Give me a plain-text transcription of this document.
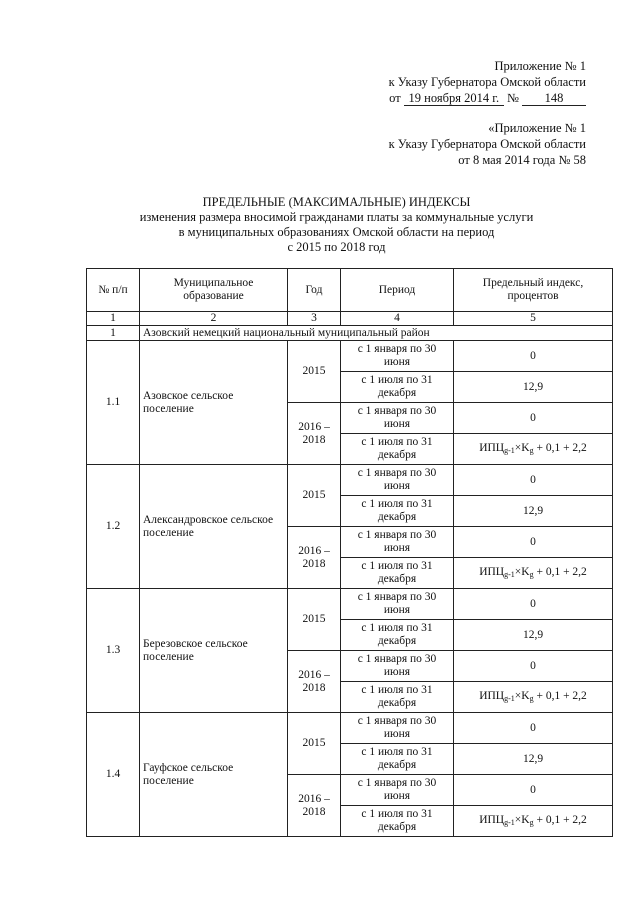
Приложение № 1
к Указу Губернатора Омской области
от 19 ноября 2014 г. № 148
«Приложение № 1
к Указу Губернатора Омской области
от 8 мая 2014 года № 58
ПРЕДЕЛЬНЫЕ (МАКСИМАЛЬНЫЕ) ИНДЕКСЫ
изменения размера вносимой гражданами платы за коммунальные услуги
в муниципальных образованиях Омской области на период
с 2015 по 2018 год
№ п/п	Муниципальное образование	Год	Период	Предельный индекс, процентов
1	2	3	4	5
1	Азовский немецкий национальный муниципальный район			
1.1	Азовское сельское поселение	2015	с 1 января по 30 июня	0
			с 1 июля по 31 декабря	12,9
		2016 – 2018	с 1 января по 30 июня	0
			с 1 июля по 31 декабря	$ИПЦ_{g-1}\times K_g + 0,1 + 2,2$
1.2	Александровское сельское поселение	2015	с 1 января по 30 июня	0
			с 1 июля по 31 декабря	12,9
		2016 – 2018	с 1 января по 30 июня	0
			с 1 июля по 31 декабря	$ИПЦ_{g-1}\times K_g + 0,1 + 2,2$
1.3	Березовское сельское поселение	2015	с 1 января по 30 июня	0
			с 1 июля по 31 декабря	12,9
		2016 – 2018	с 1 января по 30 июня	0
			с 1 июля по 31 декабря	$ИПЦ_{g-1}\times K_g + 0,1 + 2,2$
1.4	Гауфское сельское поселение	2015	с 1 января по 30 июня	0
			с 1 июля по 31 декабря	12,9
		2016 – 2018	с 1 января по 30 июня	0
			с 1 июля по 31 декабря	$ИПЦ_{g-1}\times K_g + 0,1 + 2,2$
